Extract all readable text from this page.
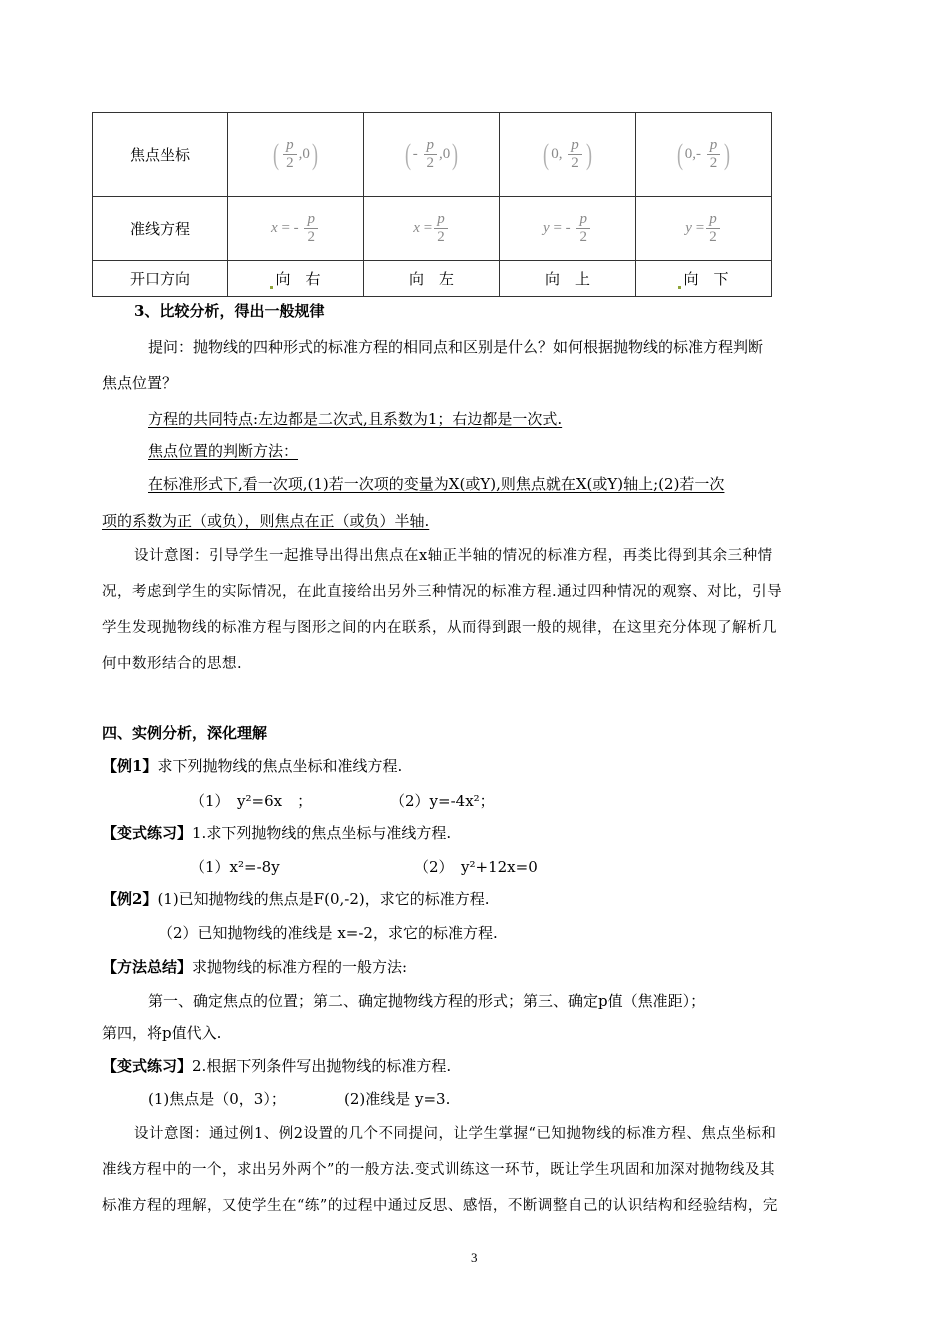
焦点坐标	( $\frac{p}{2} ,0$)	( - $\frac{p}{2} ,0$)	( 0, $\frac{p}{2}$ )	( $0,- \frac{p}{2}$ )
准线方程	x = - $\frac{p}{2}$	$x = \frac{p}{2}$	y = - $\frac{p}{2}$	$y = \frac{p}{2}$

开口方向	向　右	向　左	向　上	向　下
3、比较分析，得出一般规律
提问：抛物线的四种形式的标准方程的相同点和区别是什么？如何根据抛物线的标准方程判断
焦点位置？
方程的共同特点:左边都是二次式,且系数为1；右边都是一次式.
焦点位置的判断方法：
在标准形式下,看一次项,(1)若一次项的变量为X(或Y),则焦点就在X(或Y)轴上;(2)若一次
项的系数为正（或负），则焦点在正（或负）半轴.
设计意图：引导学生一起推导出得出焦点在x轴正半轴的情况的标准方程，再类比得到其余三种情
况，考虑到学生的实际情况，在此直接给出另外三种情况的标准方程.通过四种情况的观察、对比，引导
学生发现抛物线的标准方程与图形之间的内在联系，从而得到跟一般的规律，在这里充分体现了解析几
何中数形结合的思想.
四、实例分析，深化理解
【例1】求下列抛物线的焦点坐标和准线方程.
（1）　y²=6x　；	（2）y=-4x²；
【变式练习】1.求下列抛物线的焦点坐标与准线方程.
（1）x²=-8y	（2）　y²+12x=0
【例2】(1)已知抛物线的焦点是F(0,-2)，求它的标准方程.
（2）已知抛物线的准线是 x=-2，求它的标准方程.
【方法总结】求抛物线的标准方程的一般方法:
第一、确定焦点的位置；第二、确定抛物线方程的形式；第三、确定p值（焦准距）；
第四，将p值代入.
【变式练习】2.根据下列条件写出抛物线的标准方程.
(1)焦点是（0，3）；	(2)准线是 y=3.
设计意图：通过例1、例2设置的几个不同提问，让学生掌握“已知抛物线的标准方程、焦点坐标和
准线方程中的一个，求出另外两个”的一般方法.变式训练这一环节，既让学生巩固和加深对抛物线及其
标准方程的理解，又使学生在“练”的过程中通过反思、感悟，不断调整自己的认识结构和经验结构，完
3
